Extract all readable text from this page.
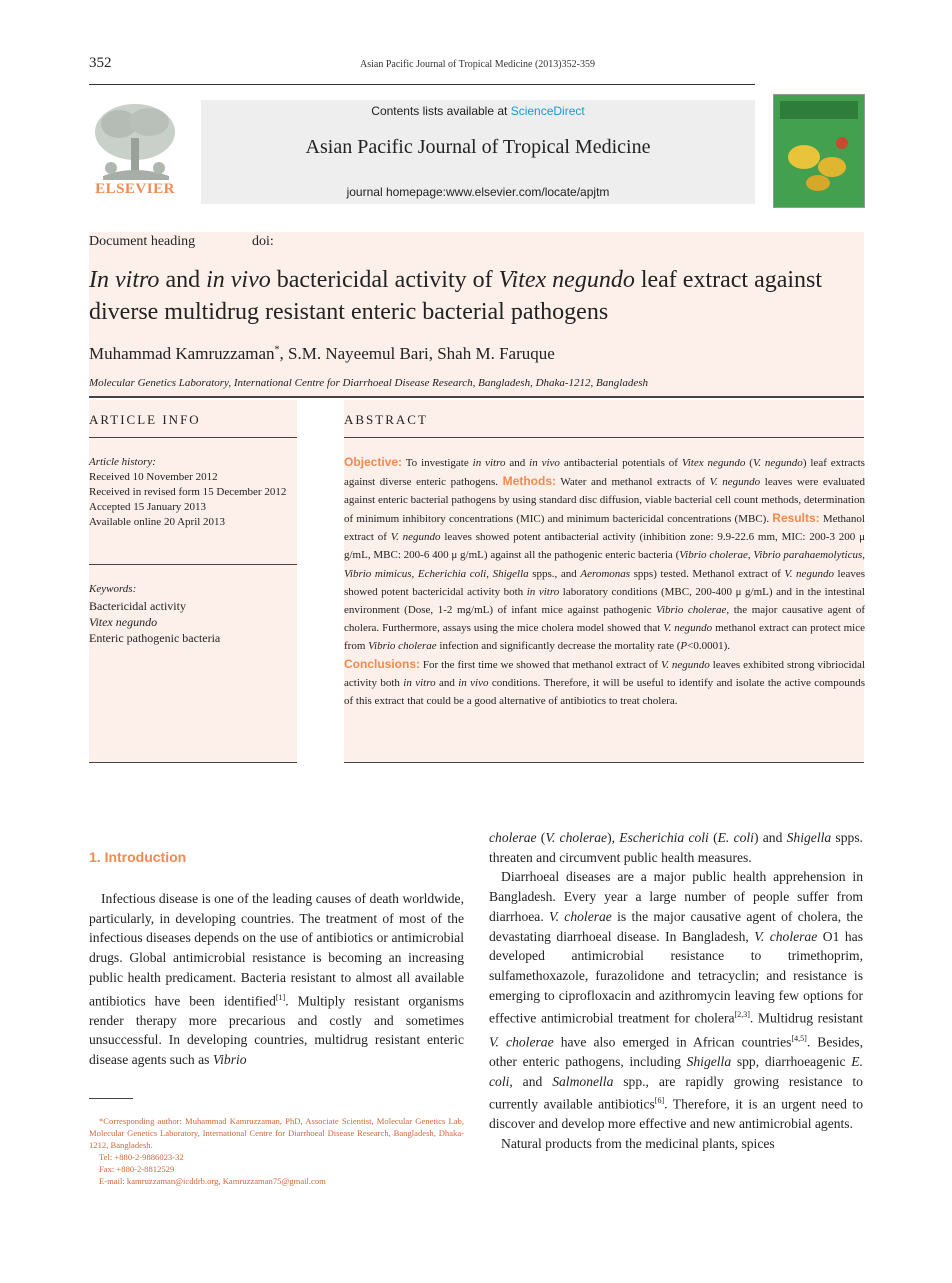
352	Asian Pacific Journal of Tropical Medicine (2013)352-359
ELSEVIER
Contents lists available at ScienceDirect
Asian Pacific Journal of Tropical Medicine
journal homepage:www.elsevier.com/locate/apjtm
Document heading	doi:
In vitro and in vivo bactericidal activity of Vitex negundo leaf extract against diverse multidrug resistant enteric bacterial pathogens
Muhammad Kamruzzaman*, S.M. Nayeemul Bari, Shah M. Faruque
Molecular Genetics Laboratory, International Centre for Diarrhoeal Disease Research, Bangladesh, Dhaka-1212, Bangladesh
ARTICLE INFO
Article history:
Received 10 November 2012
Received in revised form 15 December 2012
Accepted 15 January 2013
Available online 20 April 2013
Keywords:
Bactericidal activity
Vitex negundo
Enteric pathogenic bacteria
ABSTRACT
Objective: To investigate in vitro and in vivo antibacterial potentials of Vitex negundo (V. negundo) leaf extracts against diverse enteric pathogens. Methods: Water and methanol extracts of V. negundo leaves were evaluated against enteric bacterial pathogens by using standard disc diffusion, viable bacterial cell count methods, determination of minimum inhibitory concentrations (MIC) and minimum bactericidal concentrations (MBC). Results: Methanol extract of V. negundo leaves showed potent antibacterial activity (inhibition zone: 9.9-22.6 mm, MIC: 200-3 200 μ g/mL, MBC: 200-6 400 μ g/mL) against all the pathogenic enteric bacteria (Vibrio cholerae, Vibrio parahaemolyticus, Vibrio mimicus, Echerichia coli, Shigella spps., and Aeromonas spps) tested. Methanol extract of V. negundo leaves showed potent bactericidal activity both in vitro laboratory conditions (MBC, 200-400 μ g/mL) and in the intestinal environment (Dose, 1-2 mg/mL) of infant mice against pathogenic Vibrio cholerae, the major causative agent of cholera. Furthermore, assays using the mice cholera model showed that V. negundo methanol extract can protect mice from Vibrio cholerae infection and significantly decrease the mortality rate (P<0.0001).
Conclusions: For the first time we showed that methanol extract of V. negundo leaves exhibited strong vibriocidal activity both in vitro and in vivo conditions. Therefore, it will be useful to identify and isolate the active compounds of this extract that could be a good alternative of antibiotics to treat cholera.
1. Introduction

Infectious disease is one of the leading causes of death worldwide, particularly, in developing countries. The treatment of most of the infectious diseases depends on the use of antibiotics or antimicrobial drugs. Global antimicrobial resistance is becoming an increasing public health predicament. Bacteria resistant to almost all available antibiotics have been identified[1]. Multiply resistant organisms render therapy more precarious and costly and sometimes unsuccessful. In developing countries, multidrug resistant enteric disease agents such as Vibrio

cholerae (V. cholerae), Escherichia coli (E. coli) and Shigella spps. threaten and circumvent public health measures.

Diarrhoeal diseases are a major public health apprehension in Bangladesh. Every year a large number of people suffer from diarrhoea. V. cholerae is the major causative agent of cholera, the devastating diarrhoeal disease. In Bangladesh, V. cholerae O1 has developed antimicrobial resistance to trimethoprim, sulfamethoxazole, furazolidone and tetracyclin; and resistance is emerging to ciprofloxacin and azithromycin leaving few options for effective antimicrobial treatment for cholera[2,3]. Multidrug resistant V. cholerae have also emerged in African countries[4,5]. Besides, other enteric pathogens, including Shigella spp, diarrhoeagenic E. coli, and Salmonella spp., are rapidly growing resistance to currently available antibiotics[6]. Therefore, it is an urgent need to discover and develop more effective and new antimicrobial agents.

Natural products from the medicinal plants, spices

*Corresponding author: Muhammad Kamruzzaman, PhD, Associate Scientist, Molecular Genetics Lab, Molecular Genetics Laboratory, International Centre for Diarrhoeal Disease Research, Bangladesh, Dhaka-1212, Bangladesh.
Tel: +880-2-9886023-32
Fax: +880-2-8812529
E-mail: kamruzzaman@icddrb.org, Kamruzzaman75@gmail.com
